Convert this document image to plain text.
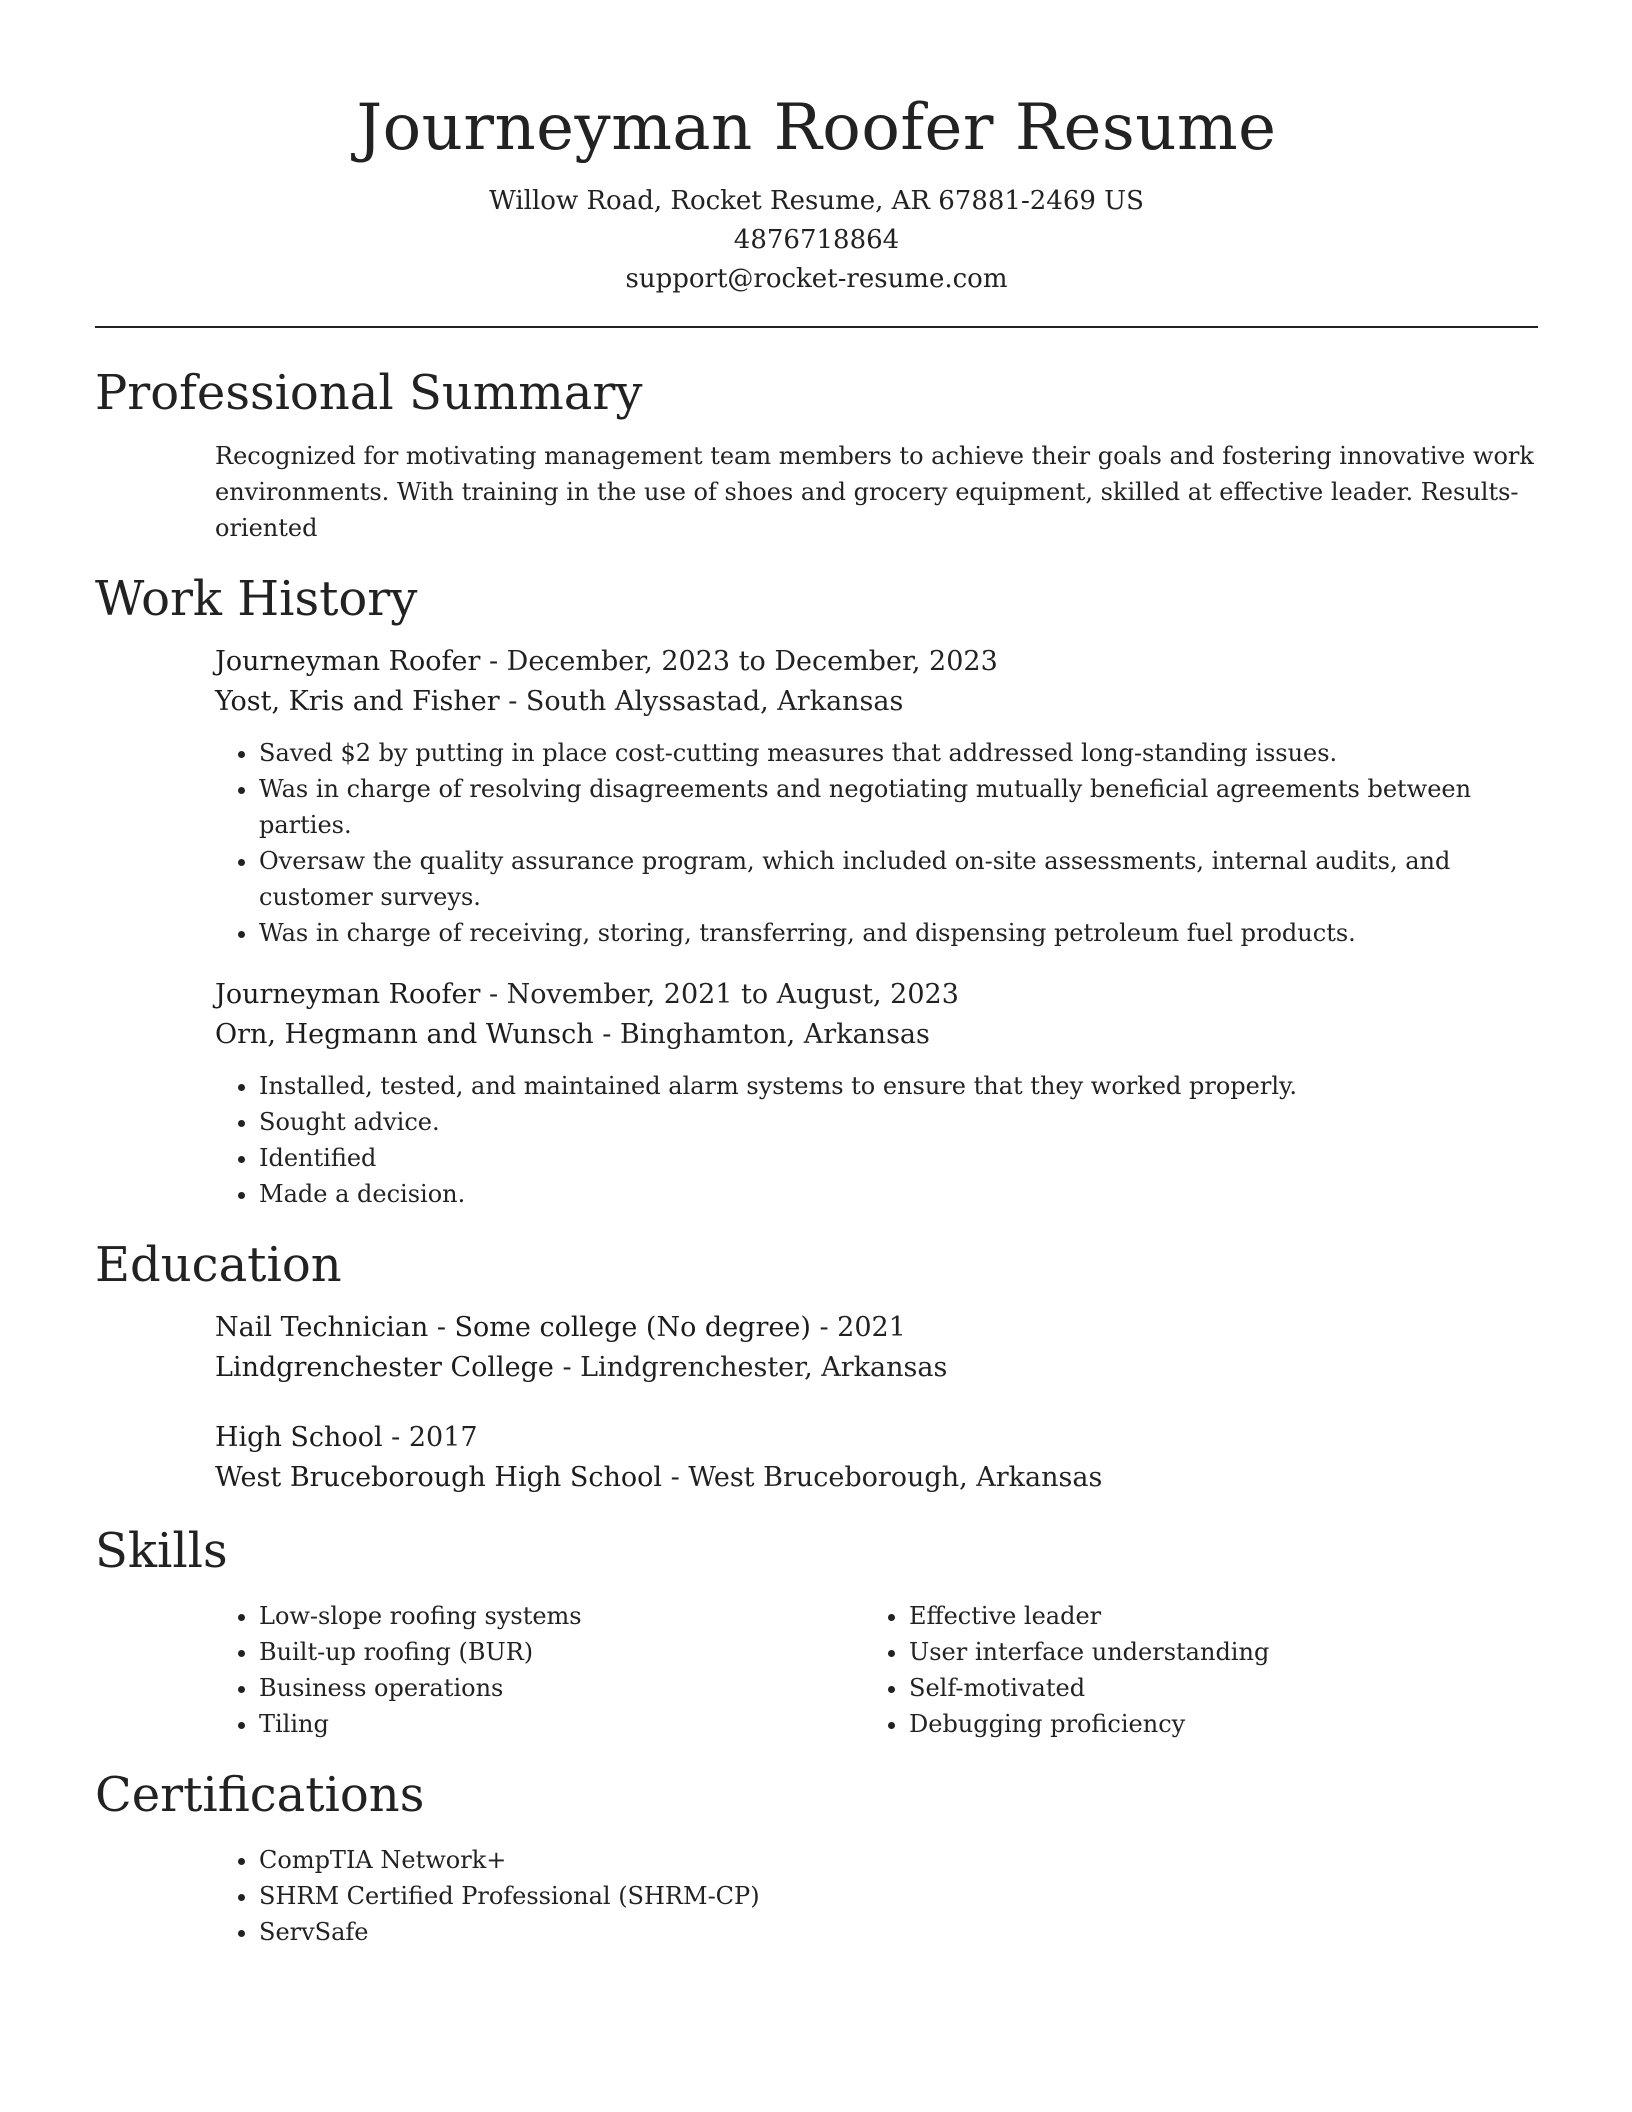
Journeyman Roofer Resume
Willow Road, Rocket Resume, AR 67881-2469 US
4876718864
support@rocket-resume.com
Professional Summary

Recognized for motivating management team members to achieve their goals and fostering innovative work environments. With training in the use of shoes and grocery equipment, skilled at effective leader. Results-oriented

Work History
Journeyman Roofer - December, 2023 to December, 2023
Yost, Kris and Fisher - South Alyssastad, Arkansas
• Saved $2 by putting in place cost-cutting measures that addressed long-standing issues.
• Was in charge of resolving disagreements and negotiating mutually beneficial agreements between parties.
• Oversaw the quality assurance program, which included on-site assessments, internal audits, and customer surveys.
• Was in charge of receiving, storing, transferring, and dispensing petroleum fuel products.
Journeyman Roofer - November, 2021 to August, 2023
Orn, Hegmann and Wunsch - Binghamton, Arkansas
• Installed, tested, and maintained alarm systems to ensure that they worked properly.
• Sought advice.
• Identified
• Made a decision.
Education
Nail Technician - Some college (No degree) - 2021
Lindgrenchester College - Lindgrenchester, Arkansas
High School - 2017
West Bruceborough High School - West Bruceborough, Arkansas
Skills
• Low-slope roofing systems
• Built-up roofing (BUR)
• Business operations
• Tiling
• Effective leader
• User interface understanding
• Self-motivated
• Debugging proficiency
Certifications
• CompTIA Network+
• SHRM Certified Professional (SHRM-CP)
• ServSafe
